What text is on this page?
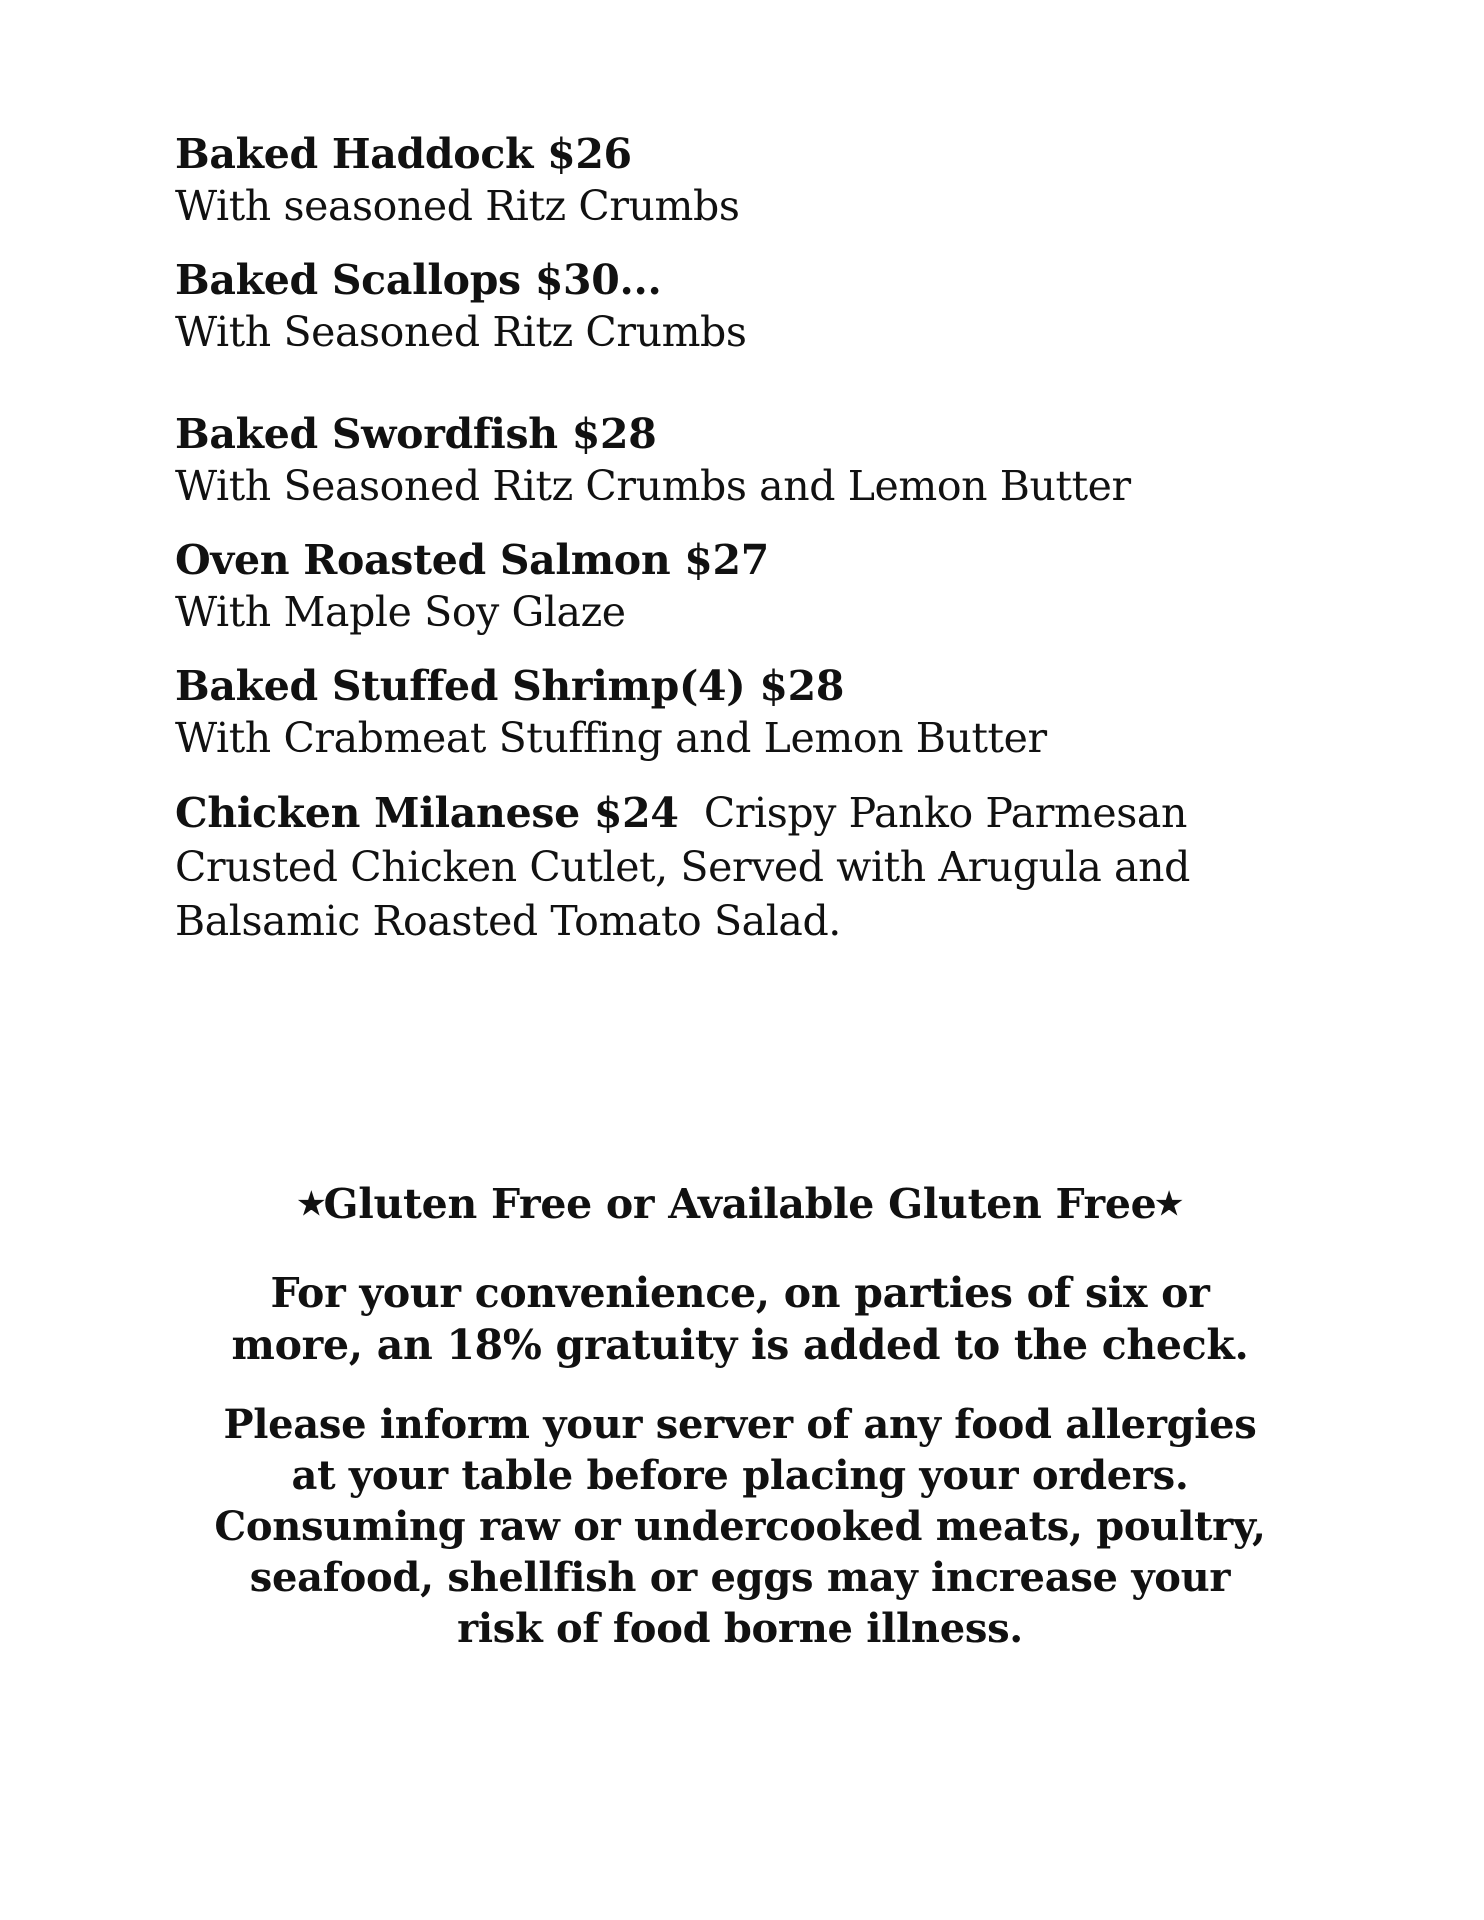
Baked Haddock $26
With seasoned Ritz Crumbs
Baked Scallops $30...
With Seasoned Ritz Crumbs
Baked Swordfish $28
With Seasoned Ritz Crumbs and Lemon Butter
Oven Roasted Salmon $27
With Maple Soy Glaze
Baked Stuffed Shrimp(4) $28
With Crabmeat Stuffing and Lemon Butter
Chicken Milanese $24 Crispy Panko Parmesan Crusted Chicken Cutlet, Served with Arugula and Balsamic Roasted Tomato Salad.
✭Gluten Free or Available Gluten Free✭
For your convenience, on parties of six or
more, an 18% gratuity is added to the check.
Please inform your server of any food allergies
at your table before placing your orders.
Consuming raw or undercooked meats, poultry,
seafood, shellfish or eggs may increase your
risk of food borne illness.
